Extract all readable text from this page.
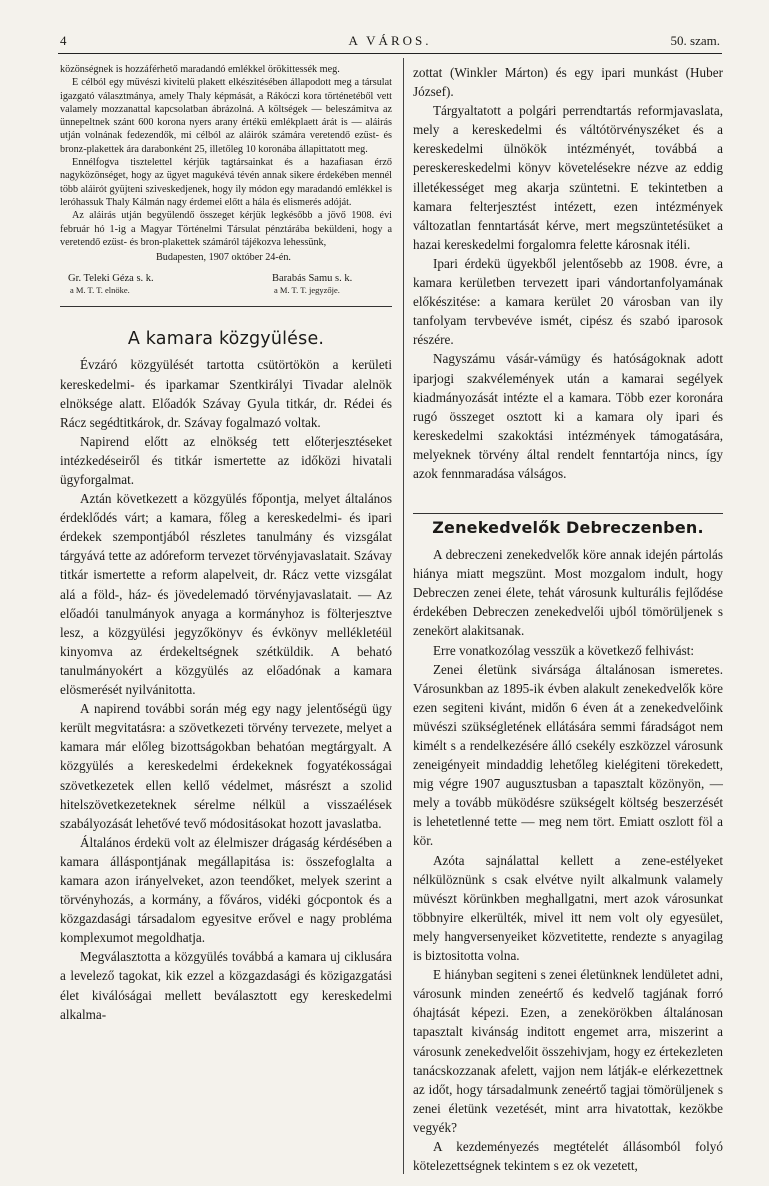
4	A VÁROS.	50. szam.

közönségnek is hozzáférhető maradandó emlékkel örökittessék meg.

E célból egy müvészi kivitelü plakett elkészitésében állapodott meg a társulat igazgató választmánya, amely Thaly képmását, a Rákóczi kora történetéből vett valamely mozzanattal kapcsolatban ábrázolná. A költségek — beleszámitva az ünnepeltnek szánt 600 korona nyers arany értékü emlékplaett árát is — aláirás utján volnának fedezendők, mi célból az aláirók számára veretendő ezüst- és bronz-plakettek ára darabonként 25, illetőleg 10 koronába állapittatott meg.

Ennélfogva tisztelettel kérjük tagtársainkat és a hazafiasan érző nagyközönséget, hogy az ügyet magukévá tévén annak sikere érdekében mennél több aláirót gyüjteni sziveskedjenek, hogy ily módon egy maradandó emlékkel is leróhassuk Thaly Kálmán nagy érdemei előtt a hála és elismerés adóját.

Az aláirás utján begyülendő összeget kérjük legkésőbb a jövő 1908. évi február hó 1-ig a Magyar Történelmi Társulat pénztárába beküldeni, hogy a veretendő ezüst- és bron-plakettek számáról tájékozva lehessünk,

Budapesten, 1907 október 24-én.

Gr. Teleki Géza s. k.
a M. T. T. elnöke.
Barabás Samu s. k.
a M. T. T. jegyzője.
A kamara közgyülése.

Évzáró közgyülését tartotta csütörtökön a kerületi kereskedelmi- és iparkamar Szentkirályi Tivadar alelnök elnöksége alatt. Előadók Szávay Gyula titkár, dr. Rédei és Rácz segédtitkárok, dr. Szávay fogalmazó voltak.

Napirend előtt az elnökség tett előterjesztéseket intézkedéseiről és titkár ismertette az időközi hivatali ügyforgalmat.

Aztán következett a közgyülés főpontja, melyet általános érdeklődés várt; a kamara, főleg a kereskedelmi- és ipari érdekek szempontjából részletes tanulmány és vizsgálat tárgyává tette az adóreform tervezet törvényjavaslatait. Szávay titkár ismertette a reform alapelveit, dr. Rácz vette vizsgálat alá a föld-, ház- és jövedelemadó törvényjavaslatait. — Az előadói tanulmányok anyaga a kormányhoz is fölterjesztve lesz, a közgyülési jegyzőkönyv és évkönyv mellékletéül kinyomva az érdekeltségnek szétküldik. A beható tanulmányokért a közgyülés az előadónak a kamara elösmerését nyilvánitotta.

A napirend további során még egy nagy jelentőségü ügy került megvitatásra: a szövetkezeti törvény tervezete, melyet a kamara már előleg bizottságokban behatóan megtárgyalt. A közgyülés a kereskedelmi érdekeknek fogyatékosságai szövetkezetek ellen kellő védelmet, másrészt a szolid hitelszövetkezeteknek sérelme nélkül a visszaélések szabályozását lehetővé tevő módositásokat hozott javaslatba.

Általános érdekü volt az élelmiszer drágaság kérdésében a kamara álláspontjának megállapitása is: összefoglalta a kamara azon irányelveket, azon teendőket, melyek szerint a törvényhozás, a kormány, a főváros, vidéki gócpontok és a közgazdasági társadalom egyesitve erővel e nagy probléma komplexumot megoldhatja.

Megválasztotta a közgyülés továbbá a kamara uj ciklusára a levelező tagokat, kik ezzel a közgazdasági és közigazgatási élet kiválóságai mellett beválasztott egy kereskedelmi alkalma-

zottat (Winkler Márton) és egy ipari munkást (Huber József).

Tárgyaltatott a polgári perrendtartás reformjavaslata, mely a kereskedelmi és váltótörvényszéket és a kereskedelmi ülnökök intézményét, továbbá a pereskereskedelmi könyv követelésekre nézve az eddig illetékességet meg akarja szüntetni. E tekintetben a kamara felterjesztést intézett, ezen intézmények változatlan fenntartását kérve, mert megszüntetésüket a hazai kereskedelmi forgalomra felette károsnak itéli.

Ipari érdekü ügyekből jelentősebb az 1908. évre, a kamara kerületben tervezett ipari vándortanfolyamának előkészitése: a kamara kerület 20 városban van ily tanfolyam tervbevéve ismét, cipész és szabó iparosok részére.

Nagyszámu vásár-vámügy és hatóságoknak adott iparjogi szakvélemények után a kamarai segélyek kiadmányozását intézte el a kamara. Több ezer koronára rugó összeget osztott ki a kamara oly ipari és kereskedelmi szakoktási intézmények támogatására, melyeknek törvény által rendelt fenntartója nincs, így azok fennmaradása válságos.

Zenekedvelők Debreczenben.

A debreczeni zenekedvelők köre annak idején pártolás hiánya miatt megszünt. Most mozgalom indult, hogy Debreczen zenei élete, tehát városunk kulturális fejlődése érdekében Debreczen zenekedvelői ujból tömörüljenek s zenekört alakitsanak.

Erre vonatkozólag vesszük a következő felhivást:

Zenei életünk sivársága általánosan ismeretes. Városunkban az 1895-ik évben alakult zenekedvelők köre ezen segiteni kivánt, midőn 6 éven át a zenekedvelőink müvészi szükségletének ellátására semmi fáradságot nem kimélt s a rendelkezésére álló csekély eszközzel városunk zeneigényeit mindaddig lehetőleg kielégiteni törekedett, mig végre 1907 augusztusban a tapasztalt közönyön, — mely a tovább müködésre szükségelt költség beszerzését is lehetetlenné tette — meg nem tört. Emiatt oszlott föl a kör.

Azóta sajnálattal kellett a zene-estélyeket nélkülöznünk s csak elvétve nyilt alkalmunk valamely müvészt körünkben meghallgatni, mert azok városunkat többnyire elkerülték, mivel itt nem volt oly egyesület, mely hangversenyeiket közvetitette, rendezte s anyagilag is biztositotta volna.

E hiányban segiteni s zenei életünknek lendületet adni, városunk minden zeneértő és kedvelő tagjának forró óhajtását képezi. Ezen, a zenekörökben általánosan tapasztalt kivánság inditott engemet arra, miszerint a városunk zenekedvelőit összehivjam, hogy ez értekezleten tanácskozzanak afelett, vajjon nem látják-e elérkezettnek az időt, hogy társadalmunk zeneértő tagjai tömörüljenek s zenei életünk vezetését, mint arra hivatottak, kezökbe vegyék?

A kezdeményezés megtételét állásomból folyó kötelezettségnek tekintem s ez ok vezetett,
